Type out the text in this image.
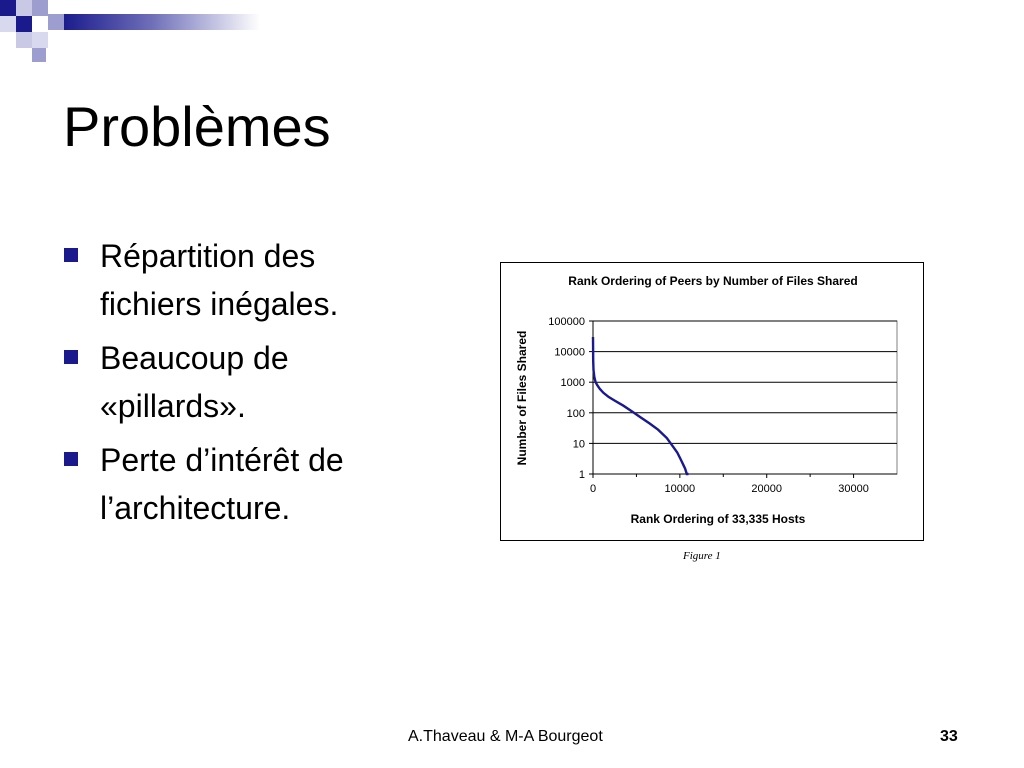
Problèmes
Répartition des fichiers inégales.
Beaucoup de «pillards».
Perte d’intérêt de l’architecture.
Rank Ordering of Peers by Number of Files Shared
0	10000	20000	30000
1
10
100
1000
10000
100000
Rank Ordering of 33,335 Hosts
Number of Files Shared
Figure 1
A.Thaveau & M-A Bourgeot	33
